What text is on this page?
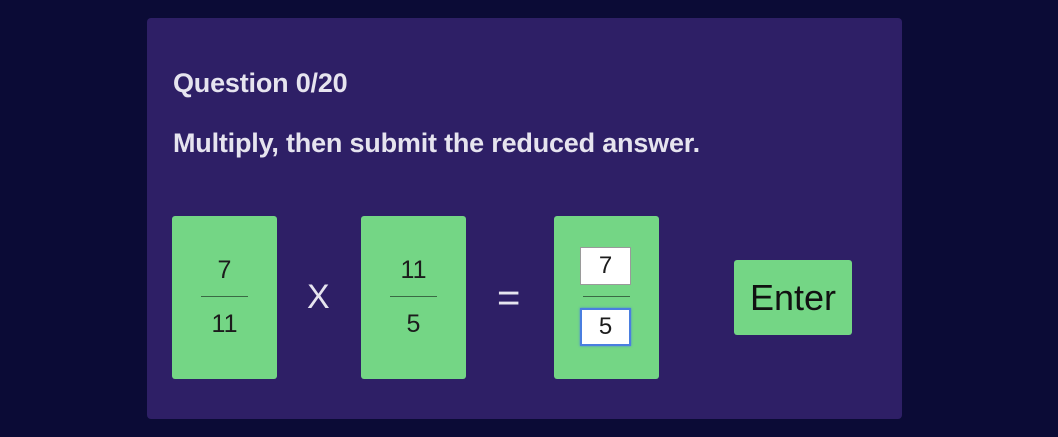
Question 0/20

Multiply, then submit the reduced answer.

7
11
X
11
5
=
7
5	Enter
